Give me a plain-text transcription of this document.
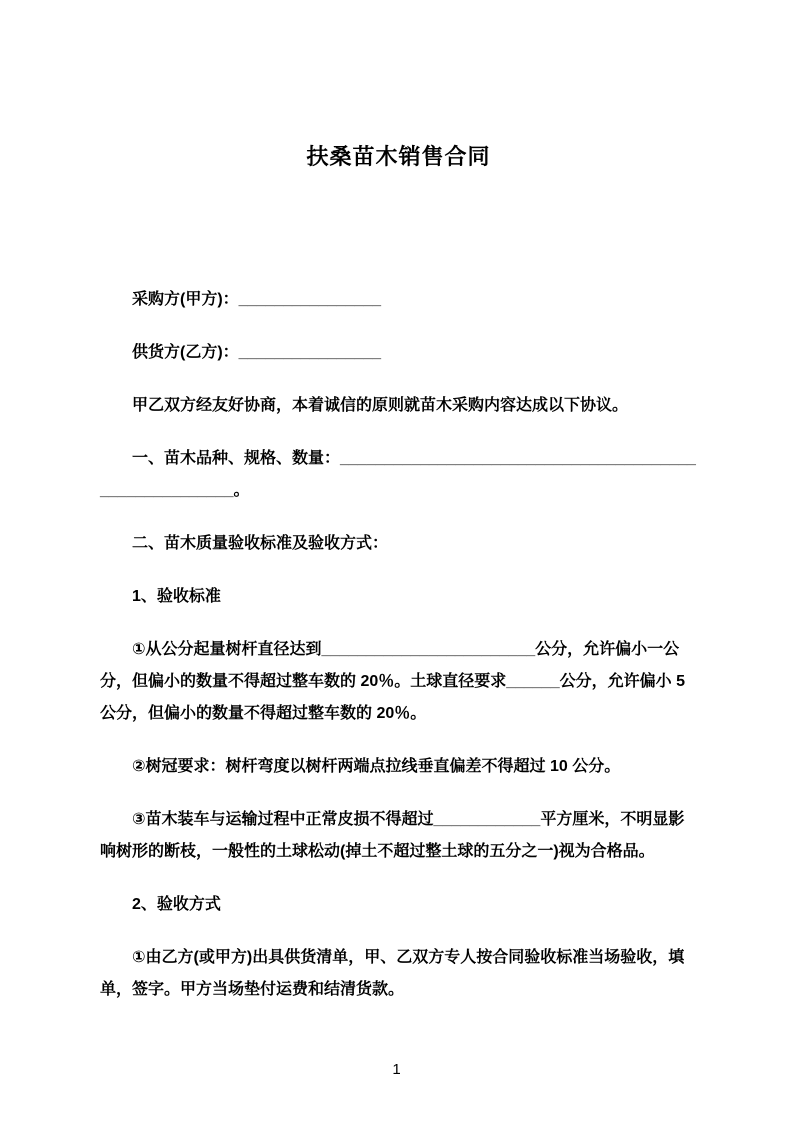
扶桑苗木销售合同

采购方(甲方)：________________

供货方(乙方)：________________

甲乙双方经友好协商，本着诚信的原则就苗木采购内容达成以下协议。

一、苗木品种、规格、数量：_______________________________________________________。

二、苗木质量验收标准及验收方式：

1、验收标准

①从公分起量树杆直径达到________________________公分，允许偏小一公分，但偏小的数量不得超过整车数的 20％。土球直径要求______公分，允许偏小 5 公分，但偏小的数量不得超过整车数的 20％。

②树冠要求：树杆弯度以树杆两端点拉线垂直偏差不得超过 10 公分。

③苗木装车与运输过程中正常皮损不得超过____________平方厘米，不明显影响树形的断枝，一般性的土球松动(掉土不超过整土球的五分之一)视为合格品。

2、验收方式

①由乙方(或甲方)出具供货清单，甲、乙双方专人按合同验收标准当场验收，填单，签字。甲方当场垫付运费和结清货款。

1
